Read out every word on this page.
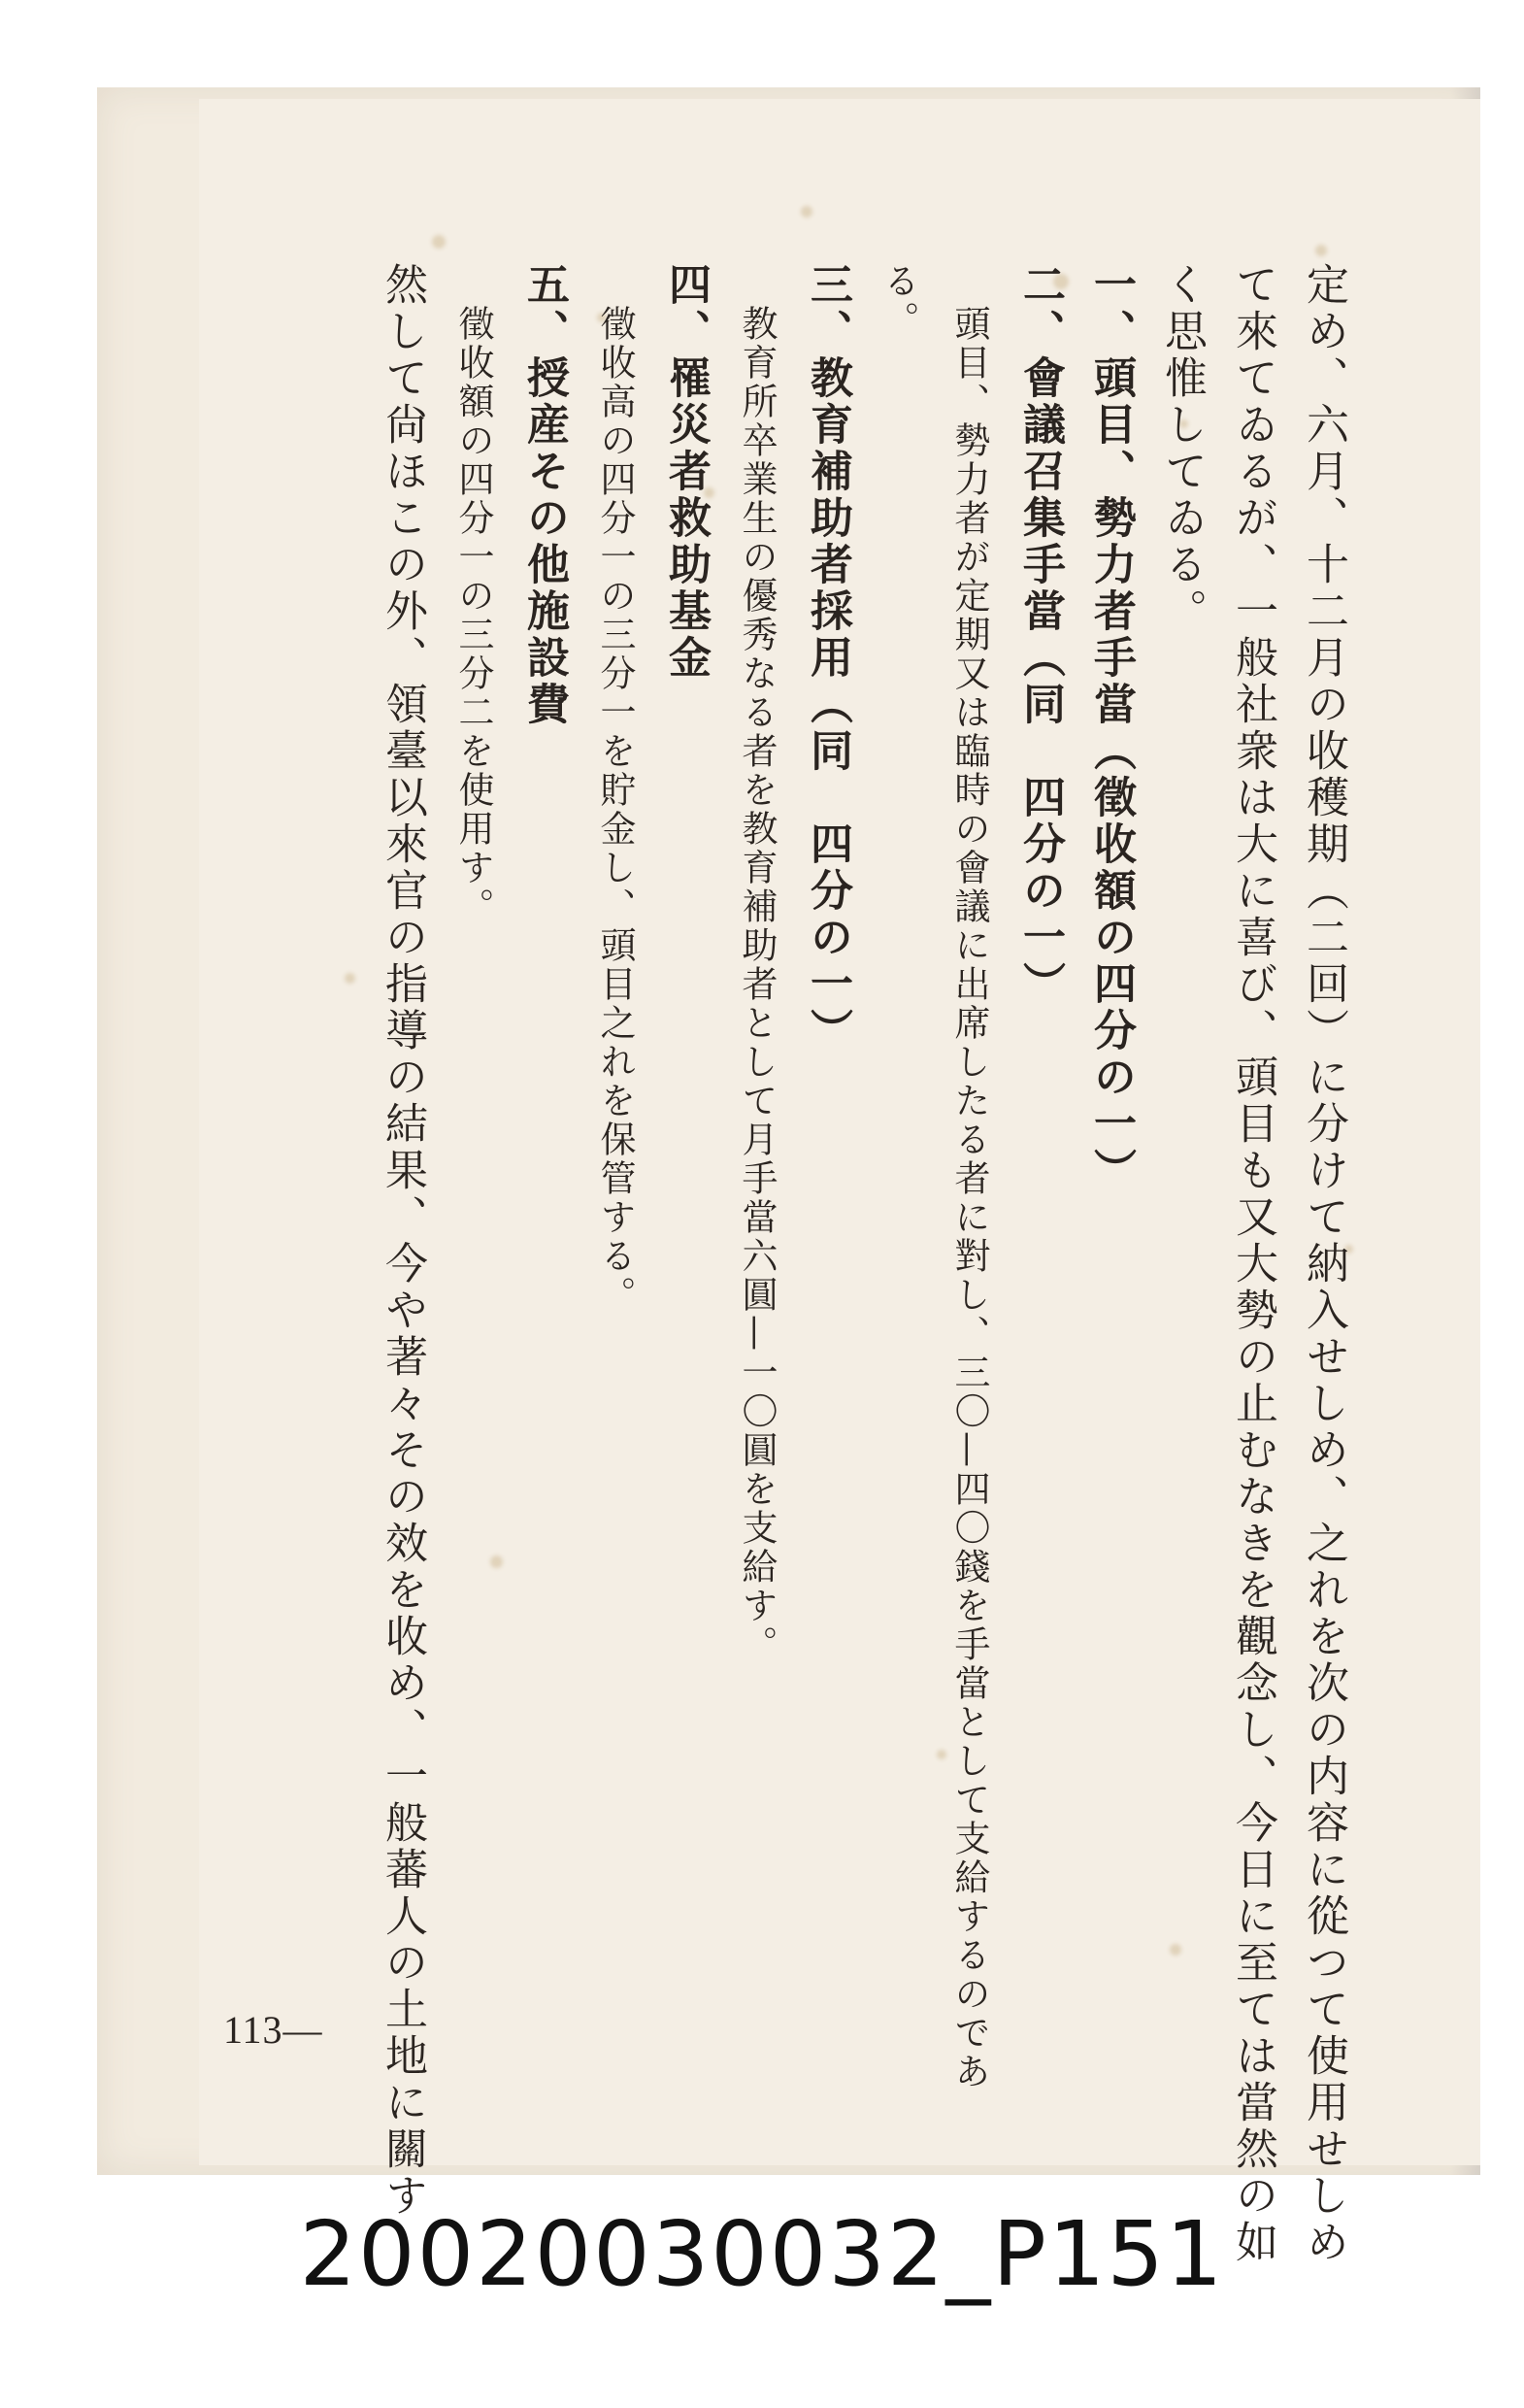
定め、六月、十二月の收穫期（二回）に分けて納入せしめ、之れを次の内容に從つて使用せしめ
て來てゐるが、一般社衆は大に喜び、頭目も又大勢の止むなきを觀念し、今日に至ては當然の如
く思惟してゐる。
一、頭目、勢力者手當（徵收額の四分の一）
二、會議召集手當（同　四分の一）
頭目、勢力者が定期又は臨時の會議に出席したる者に對し、三〇—四〇錢を手當として支給するのであ
る。
三、教育補助者採用（同　四分の一）
教育所卒業生の優秀なる者を教育補助者として月手當六圓—一〇圓を支給す。
四、罹災者救助基金
徵收高の四分一の三分一を貯金し、頭目之れを保管する。
五、授産その他施設費
徵收額の四分一の三分二を使用す。
然して尙ほこの外、領臺以來官の指導の結果、今や著々その效を收め、一般蕃人の土地に關す
113—
20020030032_P151
